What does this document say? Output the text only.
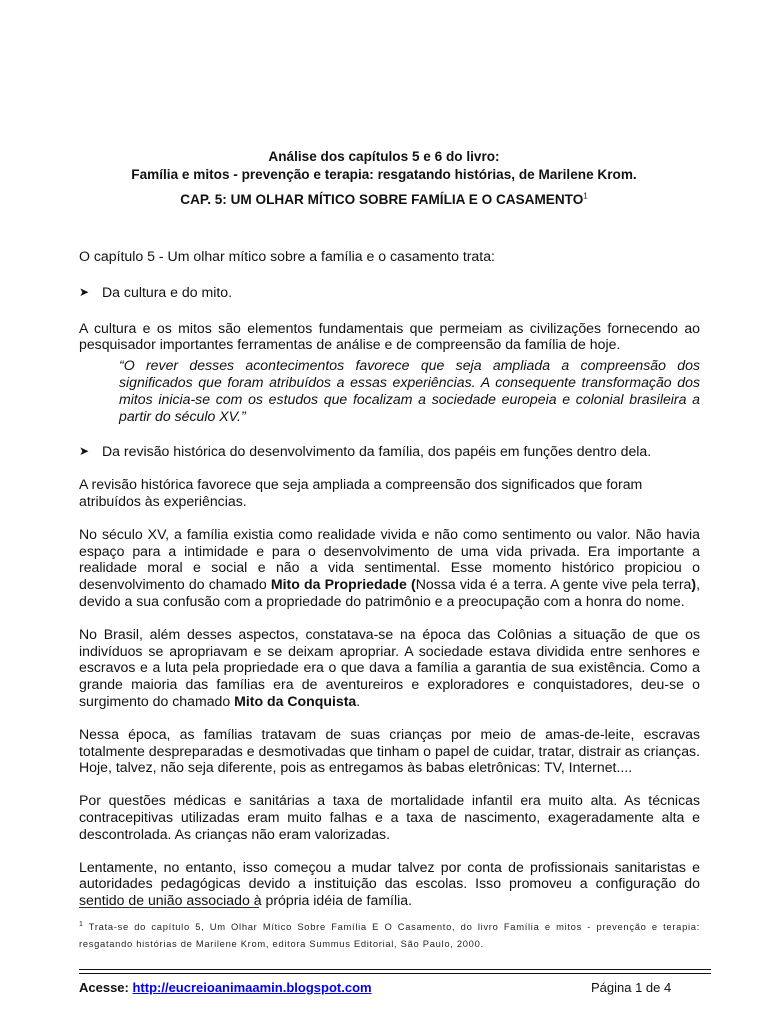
Análise dos capítulos 5 e 6 do livro:
Família e mitos - prevenção e terapia: resgatando histórias, de Marilene Krom.
CAP. 5: UM OLHAR MÍTICO SOBRE FAMÍLIA E O CASAMENTO$^1$

O capítulo 5 - Um olhar mítico sobre a família e o casamento trata:

➤ Da cultura e do mito.

A cultura e os mitos são elementos fundamentais que permeiam as civilizações fornecendo ao pesquisador importantes ferramentas de análise e de compreensão da família de hoje.

“O rever desses acontecimentos favorece que seja ampliada a compreensão dos significados que foram atribuídos a essas experiências. A consequente transformação dos mitos inicia-se com os estudos que focalizam a sociedade europeia e colonial brasileira a partir do século XV.”

➤ Da revisão histórica do desenvolvimento da família, dos papéis em funções dentro dela.

A revisão histórica favorece que seja ampliada a compreensão dos significados que foram atribuídos às experiências.

No século XV, a família existia como realidade vivida e não como sentimento ou valor. Não havia espaço para a intimidade e para o desenvolvimento de uma vida privada. Era importante a realidade moral e social e não a vida sentimental. Esse momento histórico propiciou o desenvolvimento do chamado Mito da Propriedade (Nossa vida é a terra. A gente vive pela terra), devido a sua confusão com a propriedade do patrimônio e a preocupação com a honra do nome.

No Brasil, além desses aspectos, constatava-se na época das Colônias a situação de que os indivíduos se apropriavam e se deixam apropriar. A sociedade estava dividida entre senhores e escravos e a luta pela propriedade era o que dava a família a garantia de sua existência. Como a grande maioria das famílias era de aventureiros e exploradores e conquistadores, deu-se o surgimento do chamado Mito da Conquista.

Nessa época, as famílias tratavam de suas crianças por meio de amas-de-leite, escravas totalmente despreparadas e desmotivadas que tinham o papel de cuidar, tratar, distrair as crianças. Hoje, talvez, não seja diferente, pois as entregamos às babas eletrônicas: TV, Internet....

Por questões médicas e sanitárias a taxa de mortalidade infantil era muito alta. As técnicas contracepitivas utilizadas eram muito falhas e a taxa de nascimento, exageradamente alta e descontrolada. As crianças não eram valorizadas.

Lentamente, no entanto, isso começou a mudar talvez por conta de profissionais sanitaristas e autoridades pedagógicas devido a instituição das escolas. Isso promoveu a configuração do sentido de união associado à própria idéia de família.

$^1$ Trata-se do capítulo 5, Um Olhar Mítico Sobre Família E O Casamento, do livro Família e mitos - prevenção e terapia: resgatando histórias de Marilene Krom, editora Summus Editorial, São Paulo, 2000.
Acesse: http://eucreioanimaamin.blogspot.com	Página 1 de 4
